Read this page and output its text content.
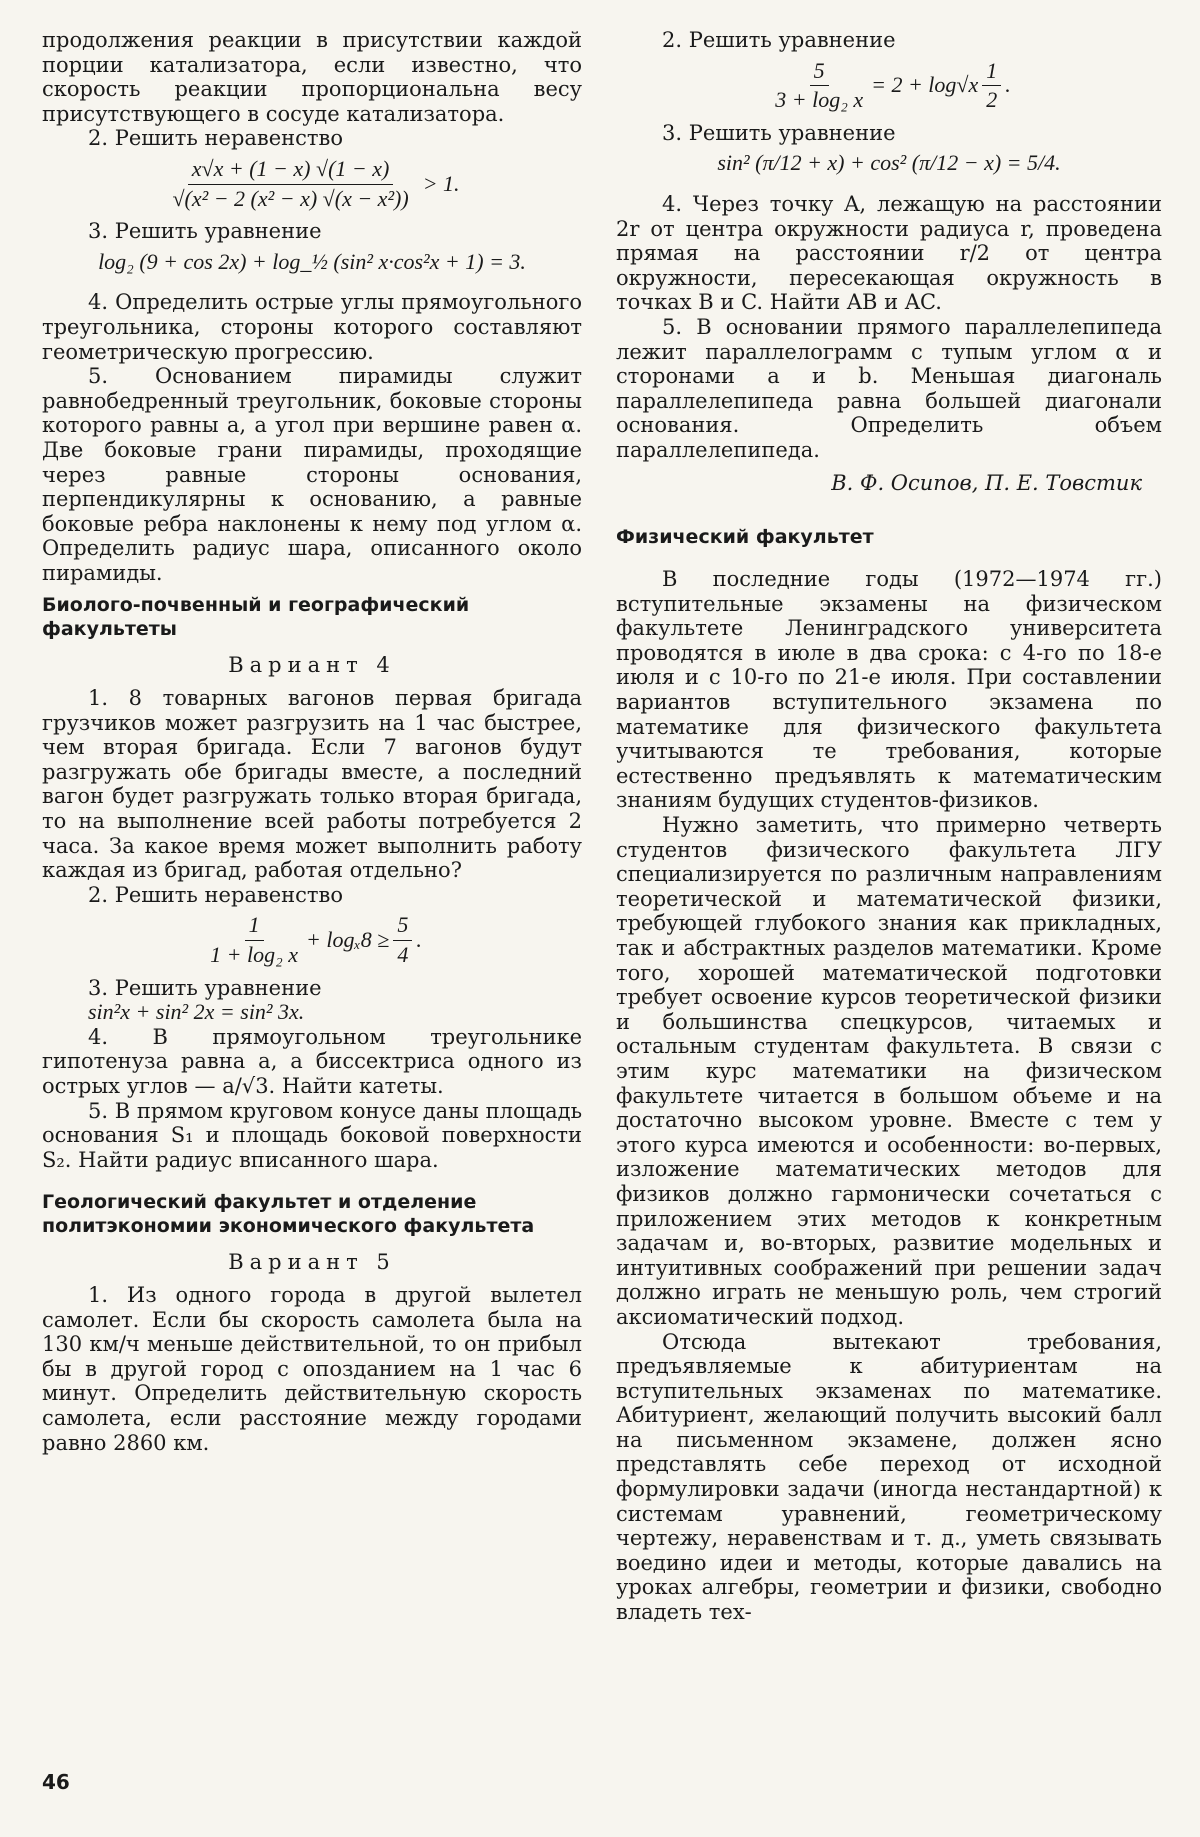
продолжения реакции в присутствии каждой порции катализатора, если известно, что скорость реакции пропорциональна весу присутствующего в сосуде катализатора.

2. Решить неравенство

$\frac{x√x + (1 - x) √(1 - x)}{\text{√(x² − 2 (x² − x) √(x − x²))}} > 1$.

3. Решить уравнение

log₂ (9 + cos 2x) + log_½ (sin² x·cos²x + 1) = 3.

4. Определить острые углы прямоугольного треугольника, стороны которого составляют геометрическую прогрессию.

5. Основанием пирамиды служит равнобедренный треугольник, боковые стороны которого равны a, а угол при вершине равен α. Две боковые грани пирамиды, проходящие через равные стороны основания, перпендикулярны к основанию, а равные боковые ребра наклонены к нему под углом α. Определить радиус шара, описанного около пирамиды.

Биолого-почвенный и географический факультеты

Вариант 4

1. 8 товарных вагонов первая бригада грузчиков может разгрузить на 1 час быстрее, чем вторая бригада. Если 7 вагонов будут разгружать обе бригады вместе, а последний вагон будет разгружать только вторая бригада, то на выполнение всей работы потребуется 2 часа. За какое время может выполнить работу каждая из бригад, работая отдельно?

2. Решить неравенство

$\frac{1}{\text{1 + log₂ x}} + \log_x8 \ge \frac{5}{4}$ .

3. Решить уравнение

sin²x + sin² 2x = sin² 3x.

4. В прямоугольном треугольнике гипотенуза равна a, а биссектриса одного из острых углов — a/√3. Найти катеты.

5. В прямом круговом конусе даны площадь основания S₁ и площадь боковой поверхности S₂. Найти радиус вписанного шара.

Геологический факультет и отделение политэкономии экономического факультета

Вариант 5

1. Из одного города в другой вылетел самолет. Если бы скорость самолета была на 130 км/ч меньше действительной, то он прибыл бы в другой город с опозданием на 1 час 6 минут. Определить действительную скорость самолета, если расстояние между городами равно 2860 км.

2. Решить уравнение

$\frac{5}{\text{3 + log₂ x}} = 2 + \log√x \frac{1}{2}$ .

3. Решить уравнение

sin² (π/12 + x) + cos² (π/12 − x) = 5/4.

4. Через точку A, лежащую на расстоянии 2r от центра окружности радиуса r, проведена прямая на расстоянии r/2 от центра окружности, пересекающая окружность в точках B и C. Найти AB и AC.

5. В основании прямого параллелепипеда лежит параллелограмм с тупым углом α и сторонами a и b. Меньшая диагональ параллелепипеда равна большей диагонали основания. Определить объем параллелепипеда.

В. Ф. Осипов, П. Е. Товстик

Физический факультет

В последние годы (1972—1974 гг.) вступительные экзамены на физическом факультете Ленинградского университета проводятся в июле в два срока: с 4-го по 18-е июля и с 10-го по 21-е июля. При составлении вариантов вступительного экзамена по математике для физического факультета учитываются те требования, которые естественно предъявлять к математическим знаниям будущих студентов-физиков.

Нужно заметить, что примерно четверть студентов физического факультета ЛГУ специализируется по различным направлениям теоретической и математической физики, требующей глубокого знания как прикладных, так и абстрактных разделов математики. Кроме того, хорошей математической подготовки требует освоение курсов теоретической физики и большинства спецкурсов, читаемых и остальным студентам факультета. В связи с этим курс математики на физическом факультете читается в большом объеме и на достаточно высоком уровне. Вместе с тем у этого курса имеются и особенности: во-первых, изложение математических методов для физиков должно гармонически сочетаться с приложением этих методов к конкретным задачам и, во-вторых, развитие модельных и интуитивных соображений при решении задач должно играть не меньшую роль, чем строгий аксиоматический подход.

Отсюда вытекают требования, предъявляемые к абитуриентам на вступительных экзаменах по математике. Абитуриент, желающий получить высокий балл на письменном экзамене, должен ясно представлять себе переход от исходной формулировки задачи (иногда нестандартной) к системам уравнений, геометрическому чертежу, неравенствам и т. д., уметь связывать воедино идеи и методы, которые давались на уроках алгебры, геометрии и физики, свободно владеть тех-

46
